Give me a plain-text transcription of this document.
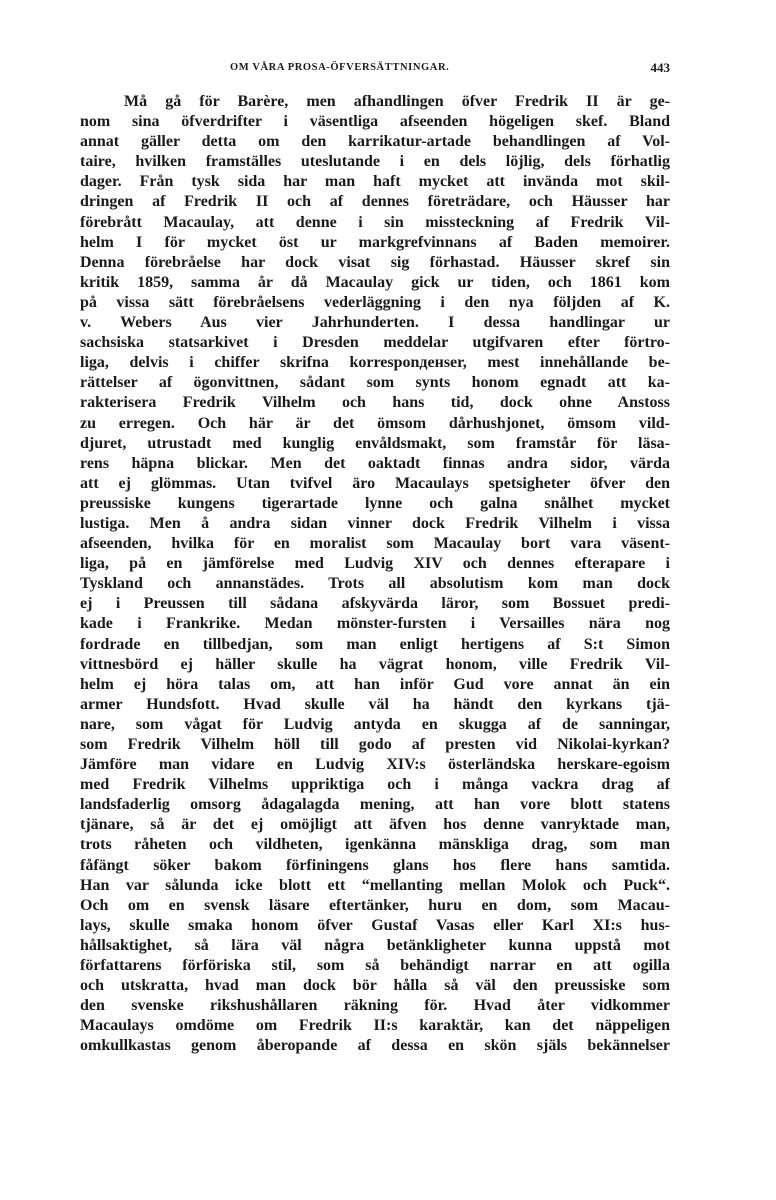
OM VÅRA PROSA-ÖFVERSÄTTNINGAR.	443
Må gå för Barère, men afhandlingen öfver Fredrik II är ge-
nom sina öfverdrifter i väsentliga afseenden högeligen skef. Bland
annat gäller detta om den karrikatur-artade behandlingen af Vol-
taire, hvilken framställes uteslutande i en dels löjlig, dels förhatlig
dager. Från tysk sida har man haft mycket att invända mot skil-
dringen af Fredrik II och af dennes företrädare, och Häusser har
förebrått Macaulay, att denne i sin missteckning af Fredrik Vil-
helm I för mycket öst ur markgrefvinnans af Baden memoirer.
Denna förebråelse har dock visat sig förhastad. Häusser skref sin
kritik 1859, samma år då Macaulay gick ur tiden, och 1861 kom
på vissa sätt förebråelsens vederläggning i den nya följden af K.
v. Webers Aus vier Jahrhunderten. I dessa handlingar ur
sachsiska statsarkivet i Dresden meddelar utgifvaren efter förtro-
liga, delvis i chiffer skrifna korresponденser, mest innehållande be-
rättelser af ögonvittnen, sådant som synts honom egnadt att ka-
rakterisera Fredrik Vilhelm och hans tid, dock ohne Anstoss
zu erregen. Och här är det ömsom dårhushjonet, ömsom vild-
djuret, utrustadt med kunglig envåldsmakt, som framstår för läsa-
rens häpna blickar. Men det oaktadt finnas andra sidor, värda
att ej glömmas. Utan tvifvel äro Macaulays spetsigheter öfver den
preussiske kungens tigerartade lynne och galna snålhet mycket
lustiga. Men å andra sidan vinner dock Fredrik Vilhelm i vissa
afseenden, hvilka för en moralist som Macaulay bort vara väsent-
liga, på en jämförelse med Ludvig XIV och dennes efterapare i
Tyskland och annanstädes. Trots all absolutism kom man dock
ej i Preussen till sådana afskyvärda läror, som Bossuet predi-
kade i Frankrike. Medan mönster-fursten i Versailles nära nog
fordrade en tillbedjan, som man enligt hertigens af S:t Simon
vittnesbörd ej häller skulle ha vägrat honom, ville Fredrik Vil-
helm ej höra talas om, att han inför Gud vore annat än ein
armer Hundsfott. Hvad skulle väl ha händt den kyrkans tjä-
nare, som vågat för Ludvig antyda en skugga af de sanningar,
som Fredrik Vilhelm höll till godo af presten vid Nikolai-kyrkan?
Jämföre man vidare en Ludvig XIV:s österländska herskare-egoism
med Fredrik Vilhelms uppriktiga och i många vackra drag af
landsfaderlig omsorg ådagalagda mening, att han vore blott statens
tjänare, så är det ej omöjligt att äfven hos denne vanryktade man,
trots råheten och vildheten, igenkänna mänskliga drag, som man
fåfängt söker bakom förfiningens glans hos flere hans samtida.
Han var sålunda icke blott ett “mellanting mellan Molok och Puck“.
Och om en svensk läsare eftertänker, huru en dom, som Macau-
lays, skulle smaka honom öfver Gustaf Vasas eller Karl XI:s hus-
hållsaktighet, så lära väl några betänkligheter kunna uppstå mot
författarens förföriska stil, som så behändigt narrar en att ogilla
och utskratta, hvad man dock bör hålla så väl den preussiske som
den svenske rikshushållaren räkning för. Hvad åter vidkommer
Macaulays omdöme om Fredrik II:s karaktär, kan det näppeligen
omkullkastas genom åberopande af dessa en skön själs bekännelser
